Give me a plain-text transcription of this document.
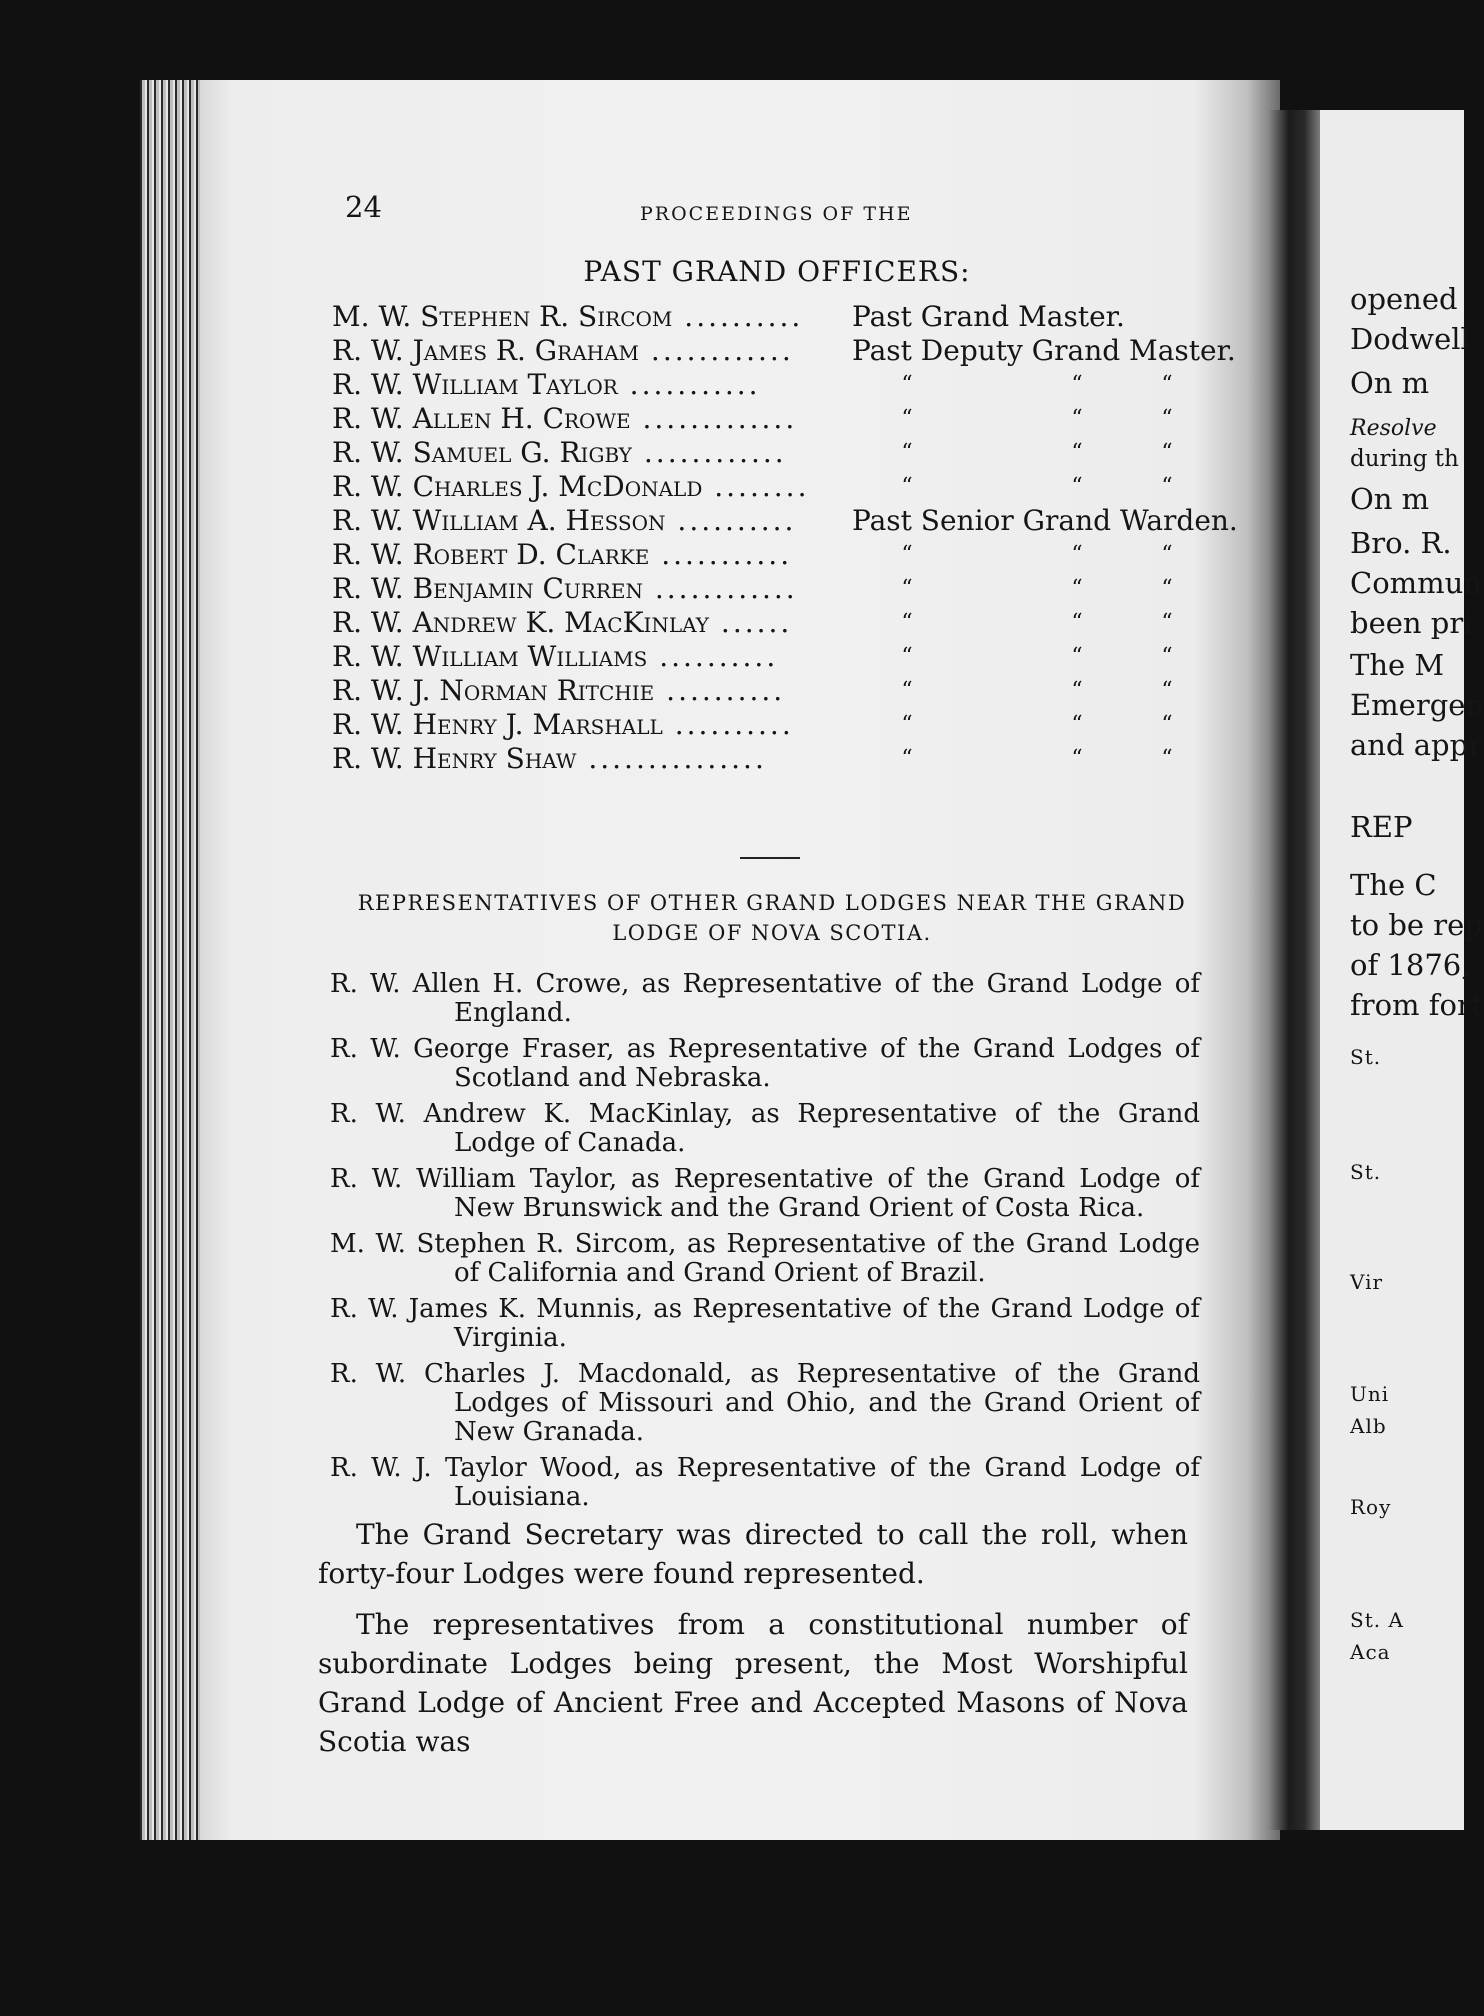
opened
Dodwell
On m
Resolve
during th
On m
Bro. R.
Commun
been pri
The M
Emergen
and appr
REP
The C
to be rep
of 1876,
from fort
St.
St.
Vir
Uni
Alb
Roy
St. A
Aca
24	PROCEEDINGS OF THE
PAST GRAND OFFICERS:
M. W. Stephen R. Sircom .......... Past Grand Master.
R. W. James R. Graham ............ Past Deputy Grand Master.
R. W. William Taylor ...........	“	“	“
R. W. Allen H. Crowe .............	“	“	“
R. W. Samuel G. Rigby ............	“	“	“
R. W. Charles J. McDonald ........	“	“	“
R. W. William A. Hesson .......... Past Senior Grand Warden.
R. W. Robert D. Clarke ...........	“	“	“
R. W. Benjamin Curren ............	“	“	“
R. W. Andrew K. MacKinlay ......	“	“	“
R. W. William Williams ..........	“	“	“
R. W. J. Norman Ritchie ..........	“	“	“
R. W. Henry J. Marshall ..........	“	“	“
R. W. Henry Shaw ...............	“	“	“
REPRESENTATIVES OF OTHER GRAND LODGES NEAR THE GRAND
LODGE OF NOVA SCOTIA.
R. W. Allen H. Crowe, as Representative of the Grand Lodge of England.
R. W. George Fraser, as Representative of the Grand Lodges of Scotland and Nebraska.
R. W. Andrew K. MacKinlay, as Representative of the Grand Lodge of Canada.
R. W. William Taylor, as Representative of the Grand Lodge of New Brunswick and the Grand Orient of Costa Rica.
M. W. Stephen R. Sircom, as Representative of the Grand Lodge of California and Grand Orient of Brazil.
R. W. James K. Munnis, as Representative of the Grand Lodge of Virginia.
R. W. Charles J. Macdonald, as Representative of the Grand Lodges of Missouri and Ohio, and the Grand Orient of New Granada.
R. W. J. Taylor Wood, as Representative of the Grand Lodge of Louisiana.
The Grand Secretary was directed to call the roll, when forty-four Lodges were found represented.
The representatives from a constitutional number of subordinate Lodges being present, the Most Worshipful Grand Lodge of Ancient Free and Accepted Masons of Nova Scotia was
